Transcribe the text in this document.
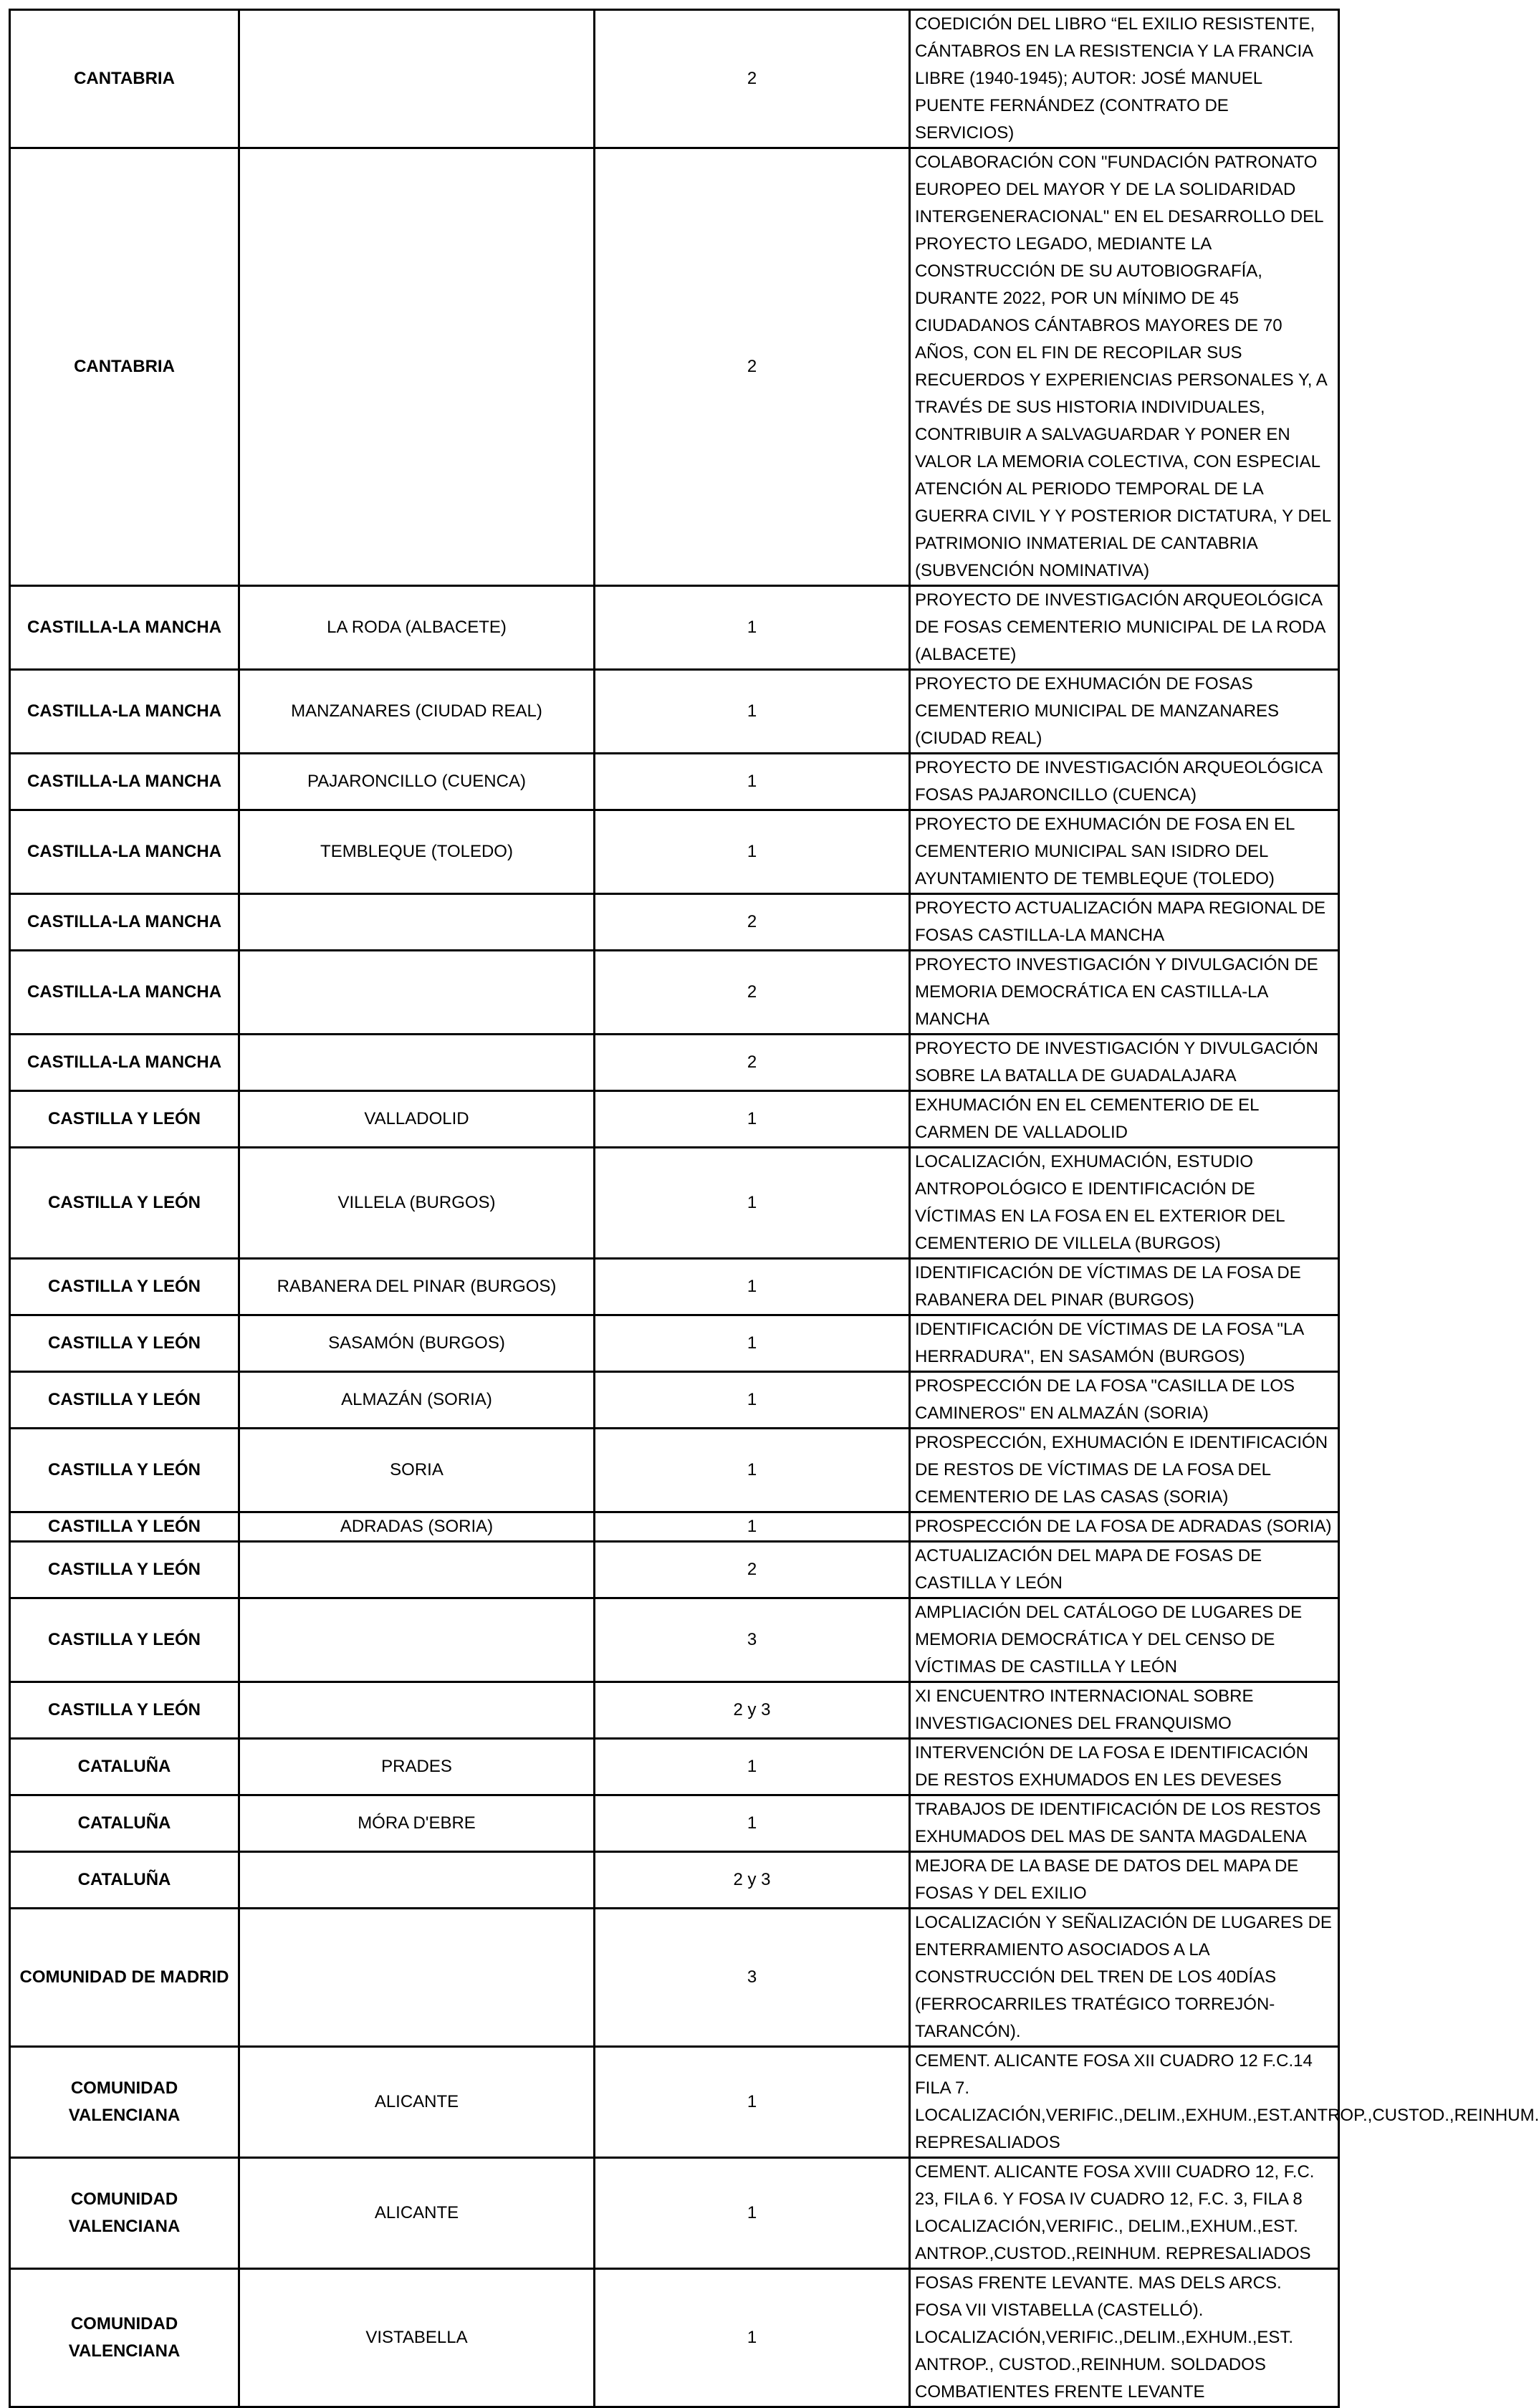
CANTABRIA		2	COEDICIÓN DEL LIBRO “EL EXILIO RESISTENTE, CÁNTABROS EN LA RESISTENCIA Y LA FRANCIA LIBRE (1940-1945); AUTOR: JOSÉ MANUEL PUENTE FERNÁNDEZ (CONTRATO DE SERVICIOS)
CANTABRIA		2	COLABORACIÓN CON "FUNDACIÓN PATRONATO EUROPEO DEL MAYOR Y DE LA SOLIDARIDAD INTERGENERACIONAL" EN EL DESARROLLO DEL PROYECTO LEGADO, MEDIANTE LA CONSTRUCCIÓN DE SU AUTOBIOGRAFÍA, DURANTE 2022, POR UN MÍNIMO DE 45 CIUDADANOS CÁNTABROS MAYORES DE 70 AÑOS, CON EL FIN DE RECOPILAR SUS RECUERDOS Y EXPERIENCIAS PERSONALES Y, A TRAVÉS DE SUS HISTORIA INDIVIDUALES, CONTRIBUIR A SALVAGUARDAR Y PONER EN VALOR LA MEMORIA COLECTIVA, CON ESPECIAL ATENCIÓN AL PERIODO TEMPORAL DE LA GUERRA CIVIL Y Y POSTERIOR DICTATURA, Y DEL PATRIMONIO INMATERIAL DE CANTABRIA (SUBVENCIÓN NOMINATIVA)
CASTILLA-LA MANCHA	LA RODA (ALBACETE)	1	PROYECTO DE INVESTIGACIÓN ARQUEOLÓGICA DE FOSAS CEMENTERIO MUNICIPAL DE LA RODA (ALBACETE)
CASTILLA-LA MANCHA	MANZANARES (CIUDAD REAL)	1	PROYECTO DE EXHUMACIÓN DE FOSAS CEMENTERIO MUNICIPAL DE MANZANARES (CIUDAD REAL)
CASTILLA-LA MANCHA	PAJARONCILLO (CUENCA)	1	PROYECTO DE INVESTIGACIÓN ARQUEOLÓGICA FOSAS PAJARONCILLO (CUENCA)
CASTILLA-LA MANCHA	TEMBLEQUE (TOLEDO)	1	PROYECTO DE EXHUMACIÓN DE FOSA EN EL CEMENTERIO MUNICIPAL SAN ISIDRO DEL AYUNTAMIENTO DE TEMBLEQUE (TOLEDO)
CASTILLA-LA MANCHA		2	PROYECTO ACTUALIZACIÓN MAPA REGIONAL DE FOSAS CASTILLA-LA MANCHA
CASTILLA-LA MANCHA		2	PROYECTO INVESTIGACIÓN Y DIVULGACIÓN DE MEMORIA DEMOCRÁTICA EN CASTILLA-LA MANCHA
CASTILLA-LA MANCHA		2	PROYECTO DE INVESTIGACIÓN Y DIVULGACIÓN SOBRE LA BATALLA DE GUADALAJARA
CASTILLA Y LEÓN	VALLADOLID	1	EXHUMACIÓN EN EL CEMENTERIO DE EL CARMEN DE VALLADOLID
CASTILLA Y LEÓN	VILLELA (BURGOS)	1	LOCALIZACIÓN, EXHUMACIÓN, ESTUDIO ANTROPOLÓGICO E IDENTIFICACIÓN DE VÍCTIMAS EN LA FOSA EN EL EXTERIOR DEL CEMENTERIO DE VILLELA (BURGOS)
CASTILLA Y LEÓN	RABANERA DEL PINAR (BURGOS)	1	IDENTIFICACIÓN DE VÍCTIMAS DE LA FOSA DE RABANERA DEL PINAR (BURGOS)
CASTILLA Y LEÓN	SASAMÓN (BURGOS)	1	IDENTIFICACIÓN DE VÍCTIMAS DE LA FOSA "LA HERRADURA", EN SASAMÓN (BURGOS)
CASTILLA Y LEÓN	ALMAZÁN (SORIA)	1	PROSPECCIÓN DE LA FOSA "CASILLA DE LOS CAMINEROS" EN ALMAZÁN (SORIA)
CASTILLA Y LEÓN	SORIA	1	PROSPECCIÓN, EXHUMACIÓN E IDENTIFICACIÓN DE RESTOS DE VÍCTIMAS DE LA FOSA DEL CEMENTERIO DE LAS CASAS (SORIA)
CASTILLA Y LEÓN	ADRADAS (SORIA)	1	PROSPECCIÓN DE LA FOSA DE ADRADAS (SORIA)
CASTILLA Y LEÓN		2	ACTUALIZACIÓN DEL MAPA DE FOSAS DE CASTILLA Y LEÓN
CASTILLA Y LEÓN		3	AMPLIACIÓN DEL CATÁLOGO DE LUGARES DE MEMORIA DEMOCRÁTICA Y DEL CENSO DE VÍCTIMAS DE CASTILLA Y LEÓN
CASTILLA Y LEÓN		2 y 3	XI ENCUENTRO INTERNACIONAL SOBRE INVESTIGACIONES DEL FRANQUISMO
CATALUÑA	PRADES	1	INTERVENCIÓN DE LA FOSA E IDENTIFICACIÓN DE RESTOS EXHUMADOS EN LES DEVESES
CATALUÑA	MÓRA D'EBRE	1	TRABAJOS DE IDENTIFICACIÓN DE LOS RESTOS EXHUMADOS DEL MAS DE SANTA MAGDALENA
CATALUÑA		2 y 3	MEJORA DE LA BASE DE DATOS DEL MAPA DE FOSAS Y DEL EXILIO
COMUNIDAD DE MADRID		3	LOCALIZACIÓN Y SEÑALIZACIÓN DE LUGARES DE ENTERRAMIENTO ASOCIADOS A LA CONSTRUCCIÓN DEL TREN DE LOS 40DÍAS (FERROCARRILES TRATÉGICO TORREJÓN-TARANCÓN).
COMUNIDAD VALENCIANA	ALICANTE	1	CEMENT. ALICANTE FOSA XII CUADRO 12 F.C.14 FILA 7. LOCALIZACIÓN,VERIFIC.,DELIM.,EXHUM.,EST.ANTROP.,CUSTOD.,REINHUM. REPRESALIADOS
COMUNIDAD VALENCIANA	ALICANTE	1	CEMENT. ALICANTE FOSA XVIII CUADRO 12, F.C. 23, FILA 6. Y FOSA IV CUADRO 12, F.C. 3, FILA 8 LOCALIZACIÓN,VERIFIC., DELIM.,EXHUM.,EST. ANTROP.,CUSTOD.,REINHUM. REPRESALIADOS
COMUNIDAD VALENCIANA	VISTABELLA	1	FOSAS FRENTE LEVANTE. MAS DELS ARCS. FOSA VII VISTABELLA (CASTELLÓ). LOCALIZACIÓN,VERIFIC.,DELIM.,EXHUM.,EST. ANTROP., CUSTOD.,REINHUM. SOLDADOS COMBATIENTES FRENTE LEVANTE
